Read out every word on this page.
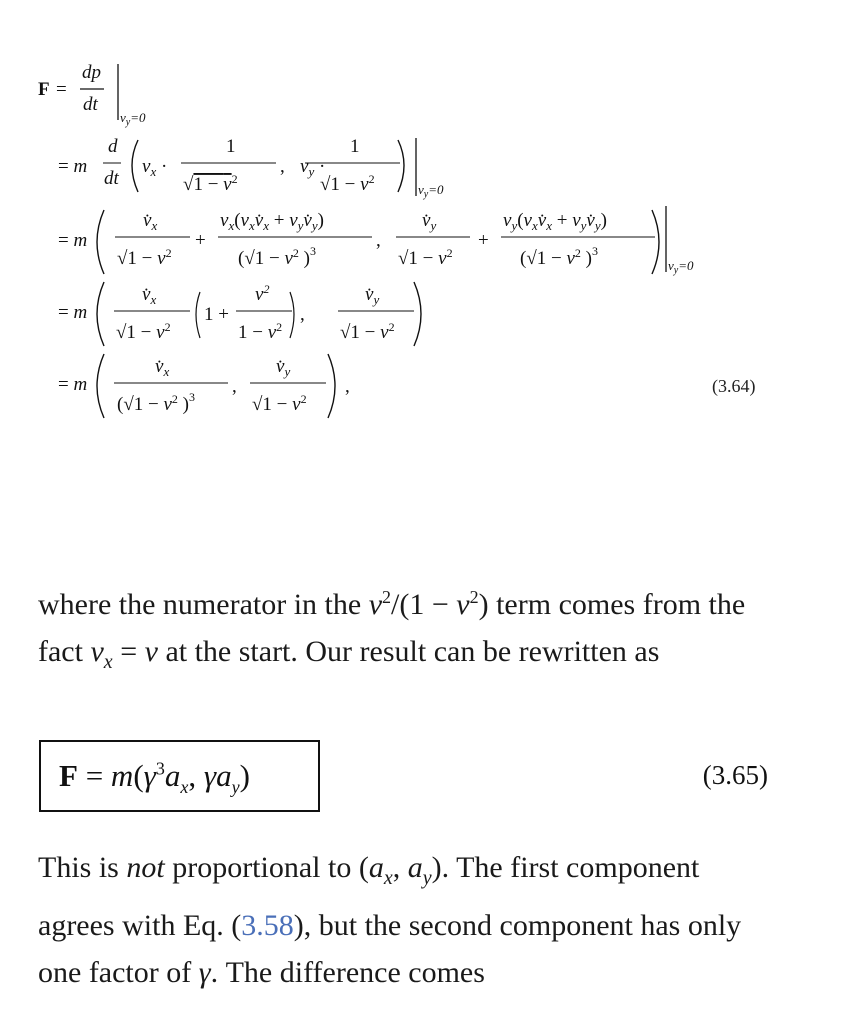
F =
dp
dt
$v_y=0$
= m
d
dt
$v_x$ ·
1
$√1 - v^2$
, $v_y$ ·
1
$√1 - v^2$
$v_y=0$
= m
$v̇_x$
$√1 - v^2$
+
$v_x(v_xv̇_x$ + $v_yv̇_y$)
($√1 - v^2$ )$^3$	,
$v̇_y$
$√1 - v^2$
+
$v_y(v_xv̇_x$ + $v_yv̇_y$)
($√1 - v^2$ )$^3$
$v_y=0$
= m
$v̇_x$
$√1 - v^2$
1 +
$v^2$
$1 - v^2$
,
$v̇_y$
$√1 - v^2$
= m
$v̇_x$
($√1 - v^2$ )$^3$ ,
$v̇_y$
$√1 - v^2$
,	(3.64)
where the numerator in the $v^2/(1 - v^2)$ term comes from the fact $v_x = v$ at the start. Our result can be rewritten as
$F = m(\gamma^3a_x$, $\gamma a_y$)	(3.65)
This is not proportional to ($a_x$, $a_y$). The first component agrees with Eq. (3.58), but the second component has only one factor of γ. The difference comes
